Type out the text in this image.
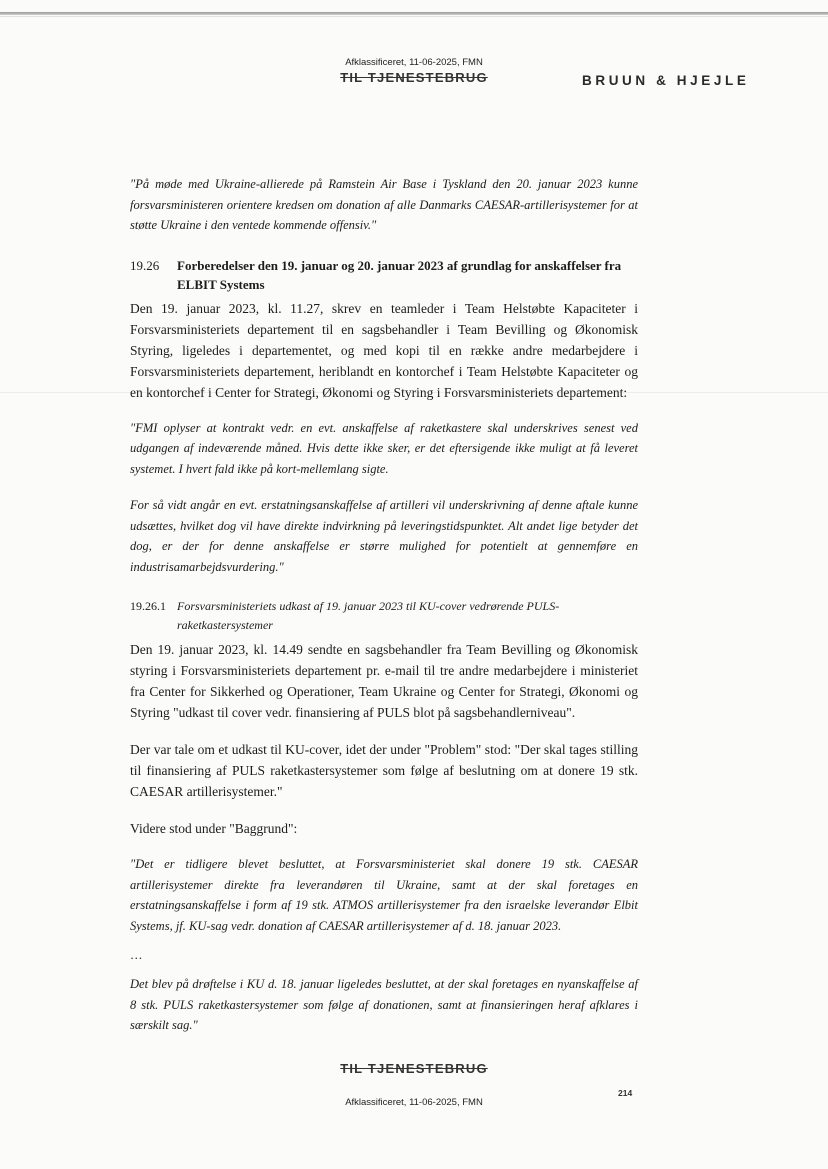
Afklassificeret, 11-06-2025, FMN
TIL TJENESTEBRUG	BRUUN & HJEJLE

"På møde med Ukraine-allierede på Ramstein Air Base i Tyskland den 20. januar 2023 kunne forsvarsministeren orientere kredsen om donation af alle Danmarks CAESAR-artillerisystemer for at støtte Ukraine i den ventede kommende offensiv."

19.26	Forberedelser den 19. januar og 20. januar 2023 af grundlag for anskaffelser fra ELBIT Systems

Den 19. januar 2023, kl. 11.27, skrev en teamleder i Team Helstøbte Kapaciteter i Forsvarsministeriets departement til en sagsbehandler i Team Bevilling og Økonomisk Styring, ligeledes i departementet, og med kopi til en række andre medarbejdere i Forsvarsministeriets departement, heriblandt en kontorchef i Team Helstøbte Kapaciteter og en kontorchef i Center for Strategi, Økonomi og Styring i Forsvarsministeriets departement:

"FMI oplyser at kontrakt vedr. en evt. anskaffelse af raketkastere skal underskrives senest ved udgangen af indeværende måned. Hvis dette ikke sker, er det eftersigende ikke muligt at få leveret systemet. I hvert fald ikke på kort-mellemlang sigte.

For så vidt angår en evt. erstatningsanskaffelse af artilleri vil underskrivning af denne aftale kunne udsættes, hvilket dog vil have direkte indvirkning på leveringstidspunktet. Alt andet lige betyder det dog, er der for denne anskaffelse er større mulighed for potentielt at gennemføre en industrisamarbejdsvurdering."

19.26.1 Forsvarsministeriets udkast af 19. januar 2023 til KU-cover vedrørende PULS-raketkastersystemer

Den 19. januar 2023, kl. 14.49 sendte en sagsbehandler fra Team Bevilling og Økonomisk styring i Forsvarsministeriets departement pr. e-mail til tre andre medarbejdere i ministeriet fra Center for Sikkerhed og Operationer, Team Ukraine og Center for Strategi, Økonomi og Styring "udkast til cover vedr. finansiering af PULS blot på sagsbehandlerniveau".

Der var tale om et udkast til KU-cover, idet der under "Problem" stod: "Der skal tages stilling til finansiering af PULS raketkastersystemer som følge af beslutning om at donere 19 stk. CAESAR artillerisystemer."

Videre stod under "Baggrund":

"Det er tidligere blevet besluttet, at Forsvarsministeriet skal donere 19 stk. CAESAR artillerisystemer direkte fra leverandøren til Ukraine, samt at der skal foretages en erstatningsanskaffelse i form af 19 stk. ATMOS artillerisystemer fra den israelske leverandør Elbit Systems, jf. KU-sag vedr. donation af CAESAR artillerisystemer af d. 18. januar 2023.

…

Det blev på drøftelse i KU d. 18. januar ligeledes besluttet, at der skal foretages en nyanskaffelse af 8 stk. PULS raketkastersystemer som følge af donationen, samt at finansieringen heraf afklares i særskilt sag."

TIL TJENESTEBRUG
214
Afklassificeret, 11-06-2025, FMN
